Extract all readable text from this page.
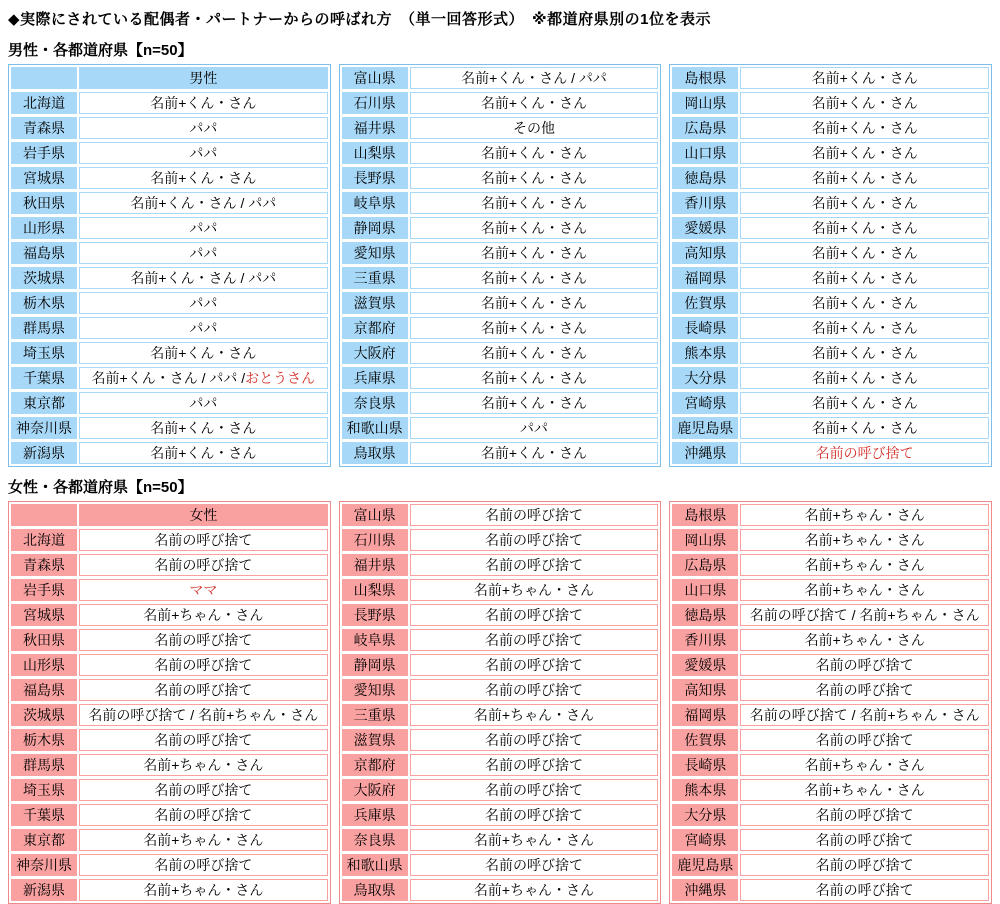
◆実際にされている配偶者・パートナーからの呼ばれ方　（単一回答形式）　※都道府県別の1位を表示
男性・各都道府県【n=50】
男性
北海道	名前+くん・さん
青森県	パパ
岩手県	パパ
宮城県	名前+くん・さん
秋田県	名前+くん・さん / パパ
山形県	パパ
福島県	パパ
茨城県	名前+くん・さん / パパ
栃木県	パパ
群馬県	パパ
埼玉県	名前+くん・さん
千葉県	名前+くん・さん / パパ / おとうさん
東京都	パパ
神奈川県	名前+くん・さん
新潟県	名前+くん・さん
富山県	名前+くん・さん / パパ
石川県	名前+くん・さん
福井県	その他
山梨県	名前+くん・さん
長野県	名前+くん・さん
岐阜県	名前+くん・さん
静岡県	名前+くん・さん
愛知県	名前+くん・さん
三重県	名前+くん・さん
滋賀県	名前+くん・さん
京都府	名前+くん・さん
大阪府	名前+くん・さん
兵庫県	名前+くん・さん
奈良県	名前+くん・さん
和歌山県	パパ
鳥取県	名前+くん・さん
島根県	名前+くん・さん
岡山県	名前+くん・さん
広島県	名前+くん・さん
山口県	名前+くん・さん
徳島県	名前+くん・さん
香川県	名前+くん・さん
愛媛県	名前+くん・さん
高知県	名前+くん・さん
福岡県	名前+くん・さん
佐賀県	名前+くん・さん
長崎県	名前+くん・さん
熊本県	名前+くん・さん
大分県	名前+くん・さん
宮崎県	名前+くん・さん
鹿児島県	名前+くん・さん
沖縄県	名前の呼び捨て
女性・各都道府県【n=50】
女性
北海道	名前の呼び捨て
青森県	名前の呼び捨て
岩手県	ママ
宮城県	名前+ちゃん・さん
秋田県	名前の呼び捨て
山形県	名前の呼び捨て
福島県	名前の呼び捨て
茨城県	名前の呼び捨て / 名前+ちゃん・さん
栃木県	名前の呼び捨て
群馬県	名前+ちゃん・さん
埼玉県	名前の呼び捨て
千葉県	名前の呼び捨て
東京都	名前+ちゃん・さん
神奈川県	名前の呼び捨て
新潟県	名前+ちゃん・さん
富山県	名前の呼び捨て
石川県	名前の呼び捨て
福井県	名前の呼び捨て
山梨県	名前+ちゃん・さん
長野県	名前の呼び捨て
岐阜県	名前の呼び捨て
静岡県	名前の呼び捨て
愛知県	名前の呼び捨て
三重県	名前+ちゃん・さん
滋賀県	名前の呼び捨て
京都府	名前の呼び捨て
大阪府	名前の呼び捨て
兵庫県	名前の呼び捨て
奈良県	名前+ちゃん・さん
和歌山県	名前の呼び捨て
鳥取県	名前+ちゃん・さん
島根県	名前+ちゃん・さん
岡山県	名前+ちゃん・さん
広島県	名前+ちゃん・さん
山口県	名前+ちゃん・さん
徳島県	名前の呼び捨て / 名前+ちゃん・さん
香川県	名前+ちゃん・さん
愛媛県	名前の呼び捨て
高知県	名前の呼び捨て
福岡県	名前の呼び捨て / 名前+ちゃん・さん
佐賀県	名前の呼び捨て
長崎県	名前+ちゃん・さん
熊本県	名前+ちゃん・さん
大分県	名前の呼び捨て
宮崎県	名前の呼び捨て
鹿児島県	名前の呼び捨て
沖縄県	名前の呼び捨て
